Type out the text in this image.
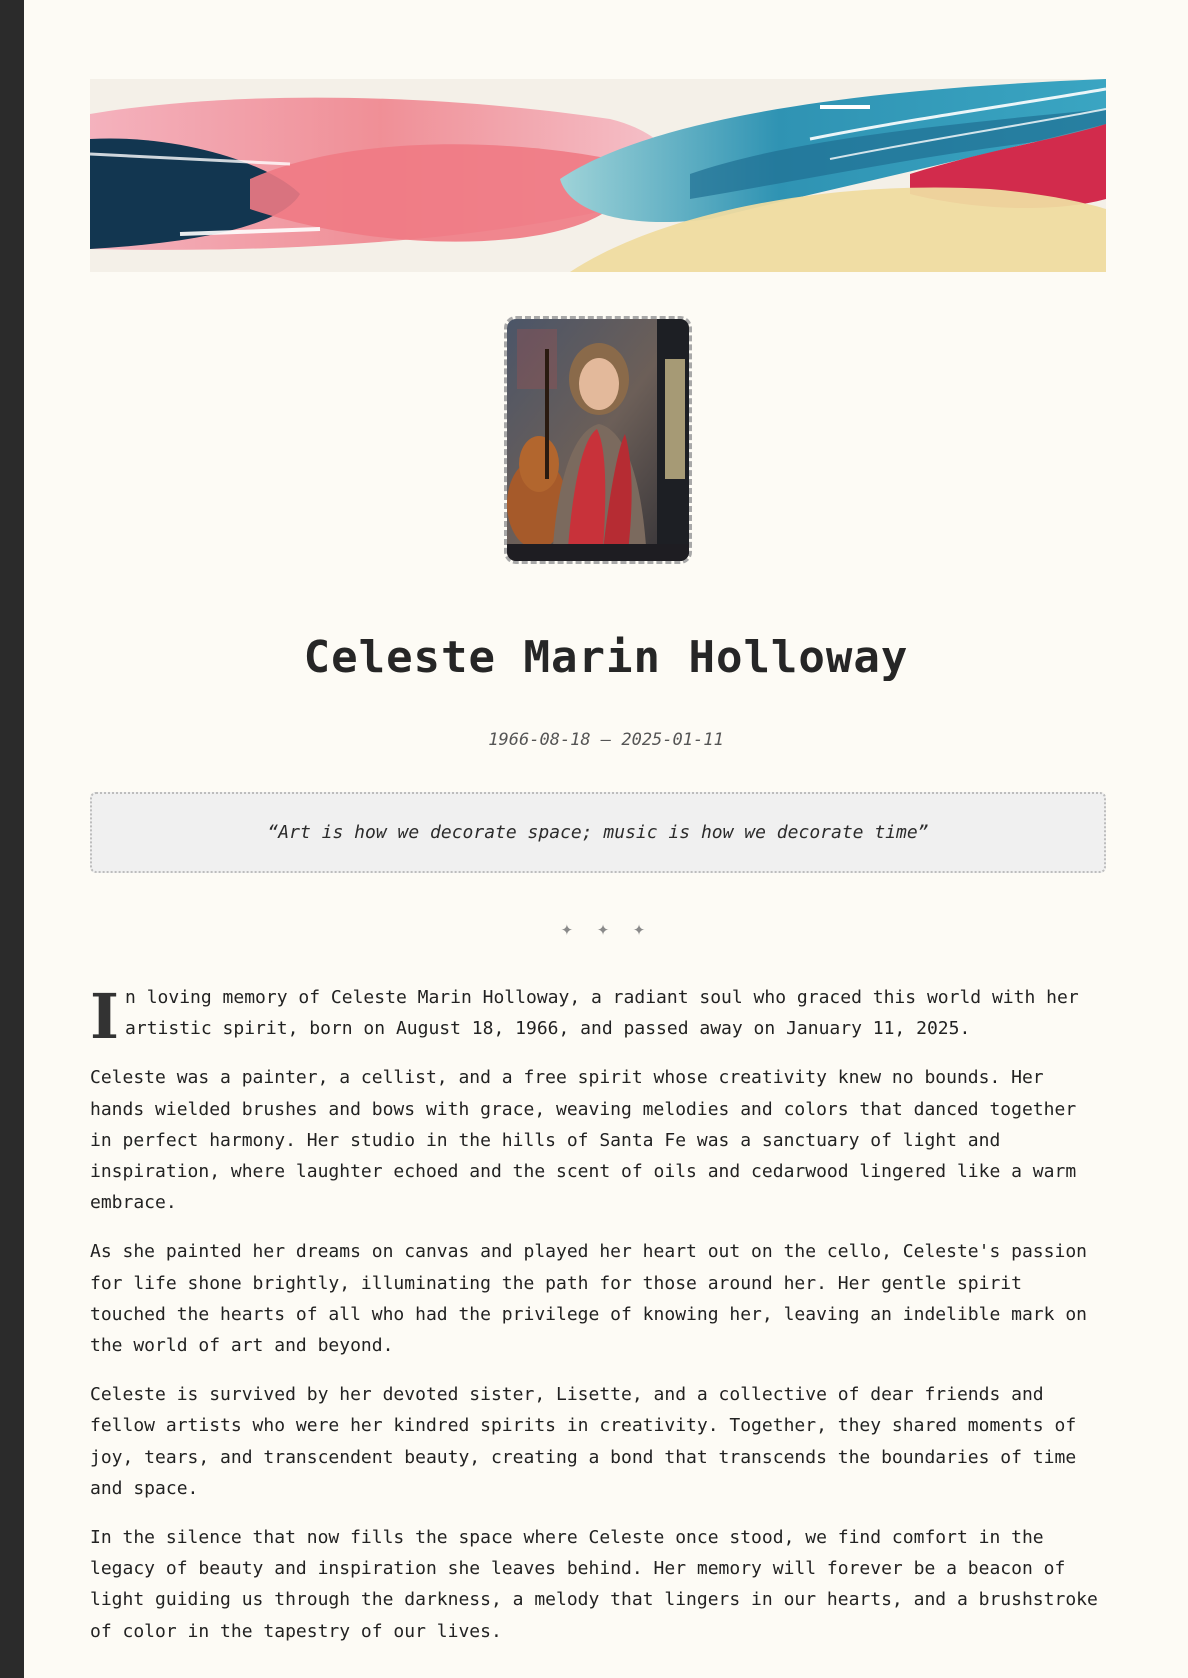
Celeste Marin Holloway
1966-08-18 – 2025-01-11
“Art is how we decorate space; music is how we decorate time”
✦ ✦ ✦

In loving memory of Celeste Marin Holloway, a radiant soul who graced this world with her artistic spirit, born on August 18, 1966, and passed away on January 11, 2025.

Celeste was a painter, a cellist, and a free spirit whose creativity knew no bounds. Her hands wielded brushes and bows with grace, weaving melodies and colors that danced together in perfect harmony. Her studio in the hills of Santa Fe was a sanctuary of light and inspiration, where laughter echoed and the scent of oils and cedarwood lingered like a warm embrace.

As she painted her dreams on canvas and played her heart out on the cello, Celeste's passion for life shone brightly, illuminating the path for those around her. Her gentle spirit touched the hearts of all who had the privilege of knowing her, leaving an indelible mark on the world of art and beyond.

Celeste is survived by her devoted sister, Lisette, and a collective of dear friends and fellow artists who were her kindred spirits in creativity. Together, they shared moments of joy, tears, and transcendent beauty, creating a bond that transcends the boundaries of time and space.

In the silence that now fills the space where Celeste once stood, we find comfort in the legacy of beauty and inspiration she leaves behind. Her memory will forever be a beacon of light guiding us through the darkness, a melody that lingers in our hearts, and a brushstroke of color in the tapestry of our lives.
